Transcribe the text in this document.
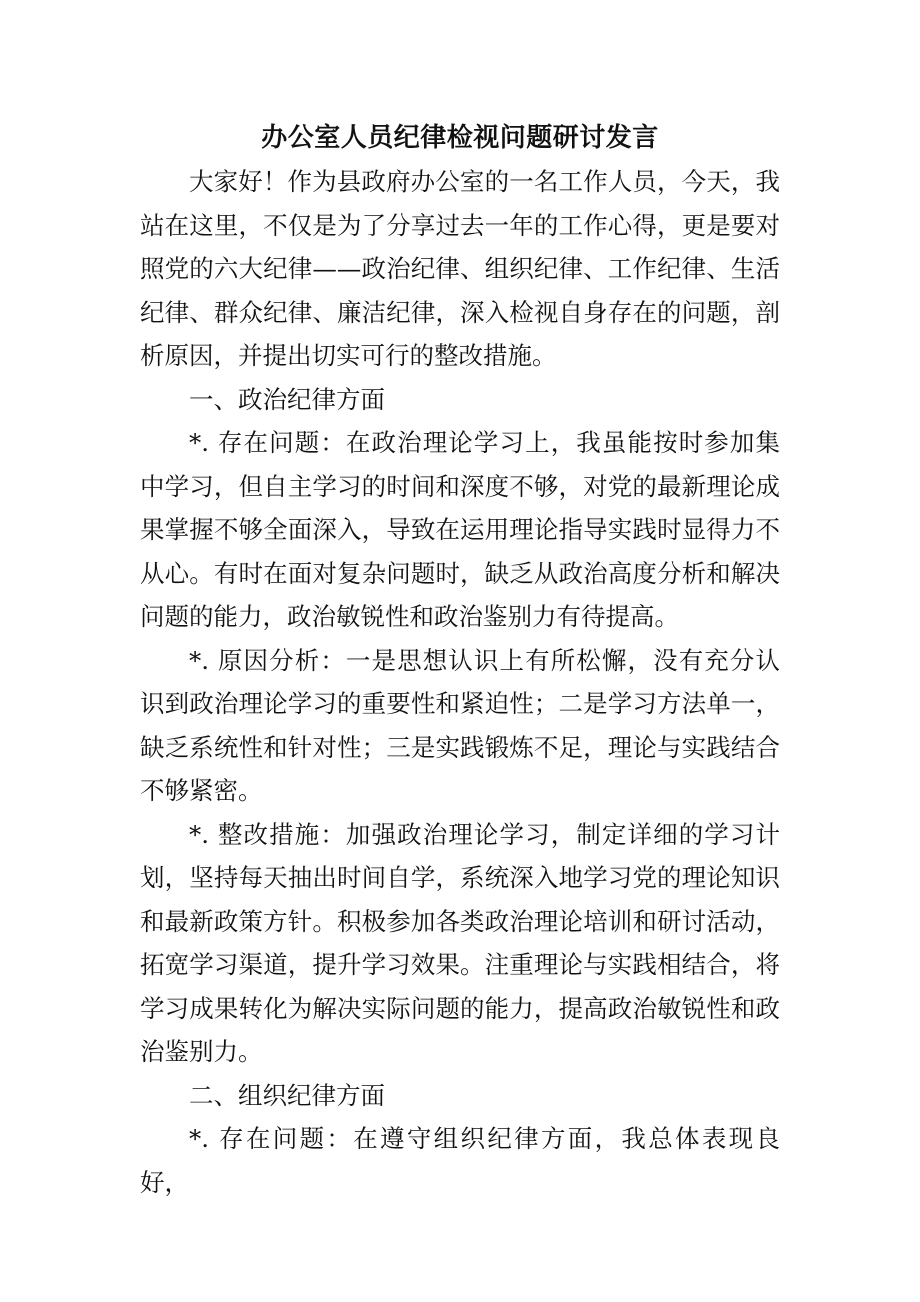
办公室人员纪律检视问题研讨发言

大家好！作为县政府办公室的一名工作人员，今天，我站在这里，不仅是为了分享过去一年的工作心得，更是要对照党的六大纪律——政治纪律、组织纪律、工作纪律、生活纪律、群众纪律、廉洁纪律，深入检视自身存在的问题，剖析原因，并提出切实可行的整改措施。

一、政治纪律方面

*. 存在问题：在政治理论学习上，我虽能按时参加集中学习，但自主学习的时间和深度不够，对党的最新理论成果掌握不够全面深入，导致在运用理论指导实践时显得力不从心。有时在面对复杂问题时，缺乏从政治高度分析和解决问题的能力，政治敏锐性和政治鉴别力有待提高。

*. 原因分析：一是思想认识上有所松懈，没有充分认识到政治理论学习的重要性和紧迫性；二是学习方法单一，缺乏系统性和针对性；三是实践锻炼不足，理论与实践结合不够紧密。

*. 整改措施：加强政治理论学习，制定详细的学习计划，坚持每天抽出时间自学，系统深入地学习党的理论知识和最新政策方针。积极参加各类政治理论培训和研讨活动，拓宽学习渠道，提升学习效果。注重理论与实践相结合，将学习成果转化为解决实际问题的能力，提高政治敏锐性和政治鉴别力。

二、组织纪律方面

*. 存在问题：在遵守组织纪律方面，我总体表现良好，
